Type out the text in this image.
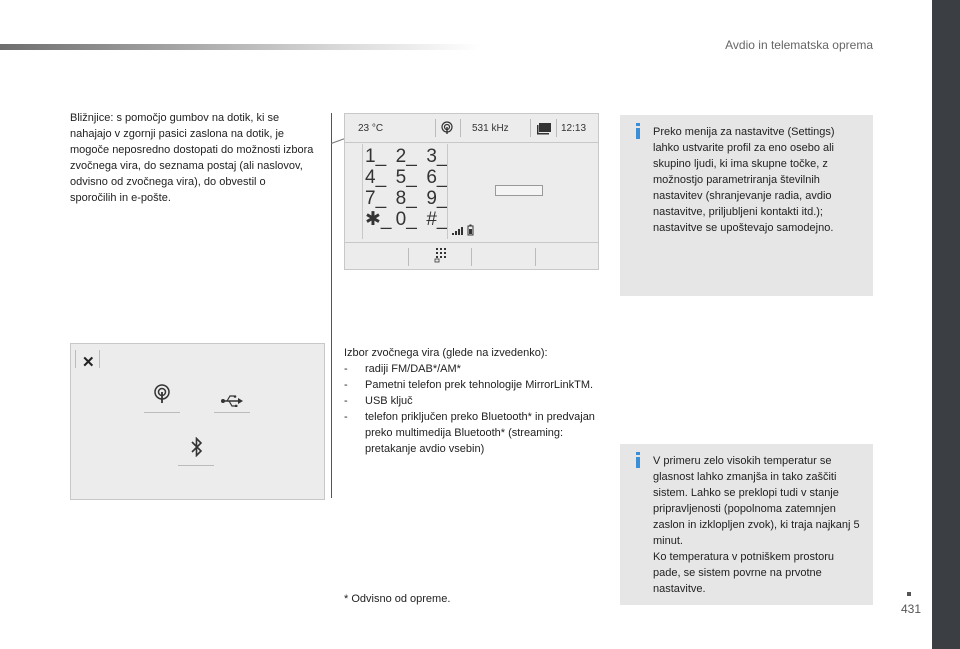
Avdio in telematska oprema
431
Bližnjice: s pomočjo gumbov na dotik, ki se nahajajo v zgornji pasici zaslona na dotik, je mogoče neposredno dostopati do možnosti izbora zvočnega vira, do seznama postaj (ali naslovov, odvisno od zvočnega vira), do obvestil o sporočilih in e-pošte.
23 °C	531 kHz	12:13
1_ 2_ 3_
4_ 5_ 6_
7_ 8_ 9_
✱_ 0_ #_
✕
Izbor zvočnega vira (glede na izvedenko):
- radiji FM/DAB*/AM*
- Pametni telefon prek tehnologije MirrorLinkTM.
- USB ključ
- telefon priključen preko Bluetooth* in predvajan preko multimedija Bluetooth* (streaming: pretakanje avdio vsebin)
* Odvisno od opreme.
Preko menija za nastavitve (Settings) lahko ustvarite profil za eno osebo ali skupino ljudi, ki ima skupne točke, z možnostjo parametriranja številnih nastavitev (shranjevanje radia, avdio nastavitve, priljubljeni kontakti itd.); nastavitve se upoštevajo samodejno.
V primeru zelo visokih temperatur se glasnost lahko zmanjša in tako zaščiti sistem. Lahko se preklopi tudi v stanje pripravljenosti (popolnoma zatemnjen zaslon in izklopljen zvok), ki traja najkanj 5 minut.
Ko temperatura v potniškem prostoru pade, se sistem povrne na prvotne nastavitve.
